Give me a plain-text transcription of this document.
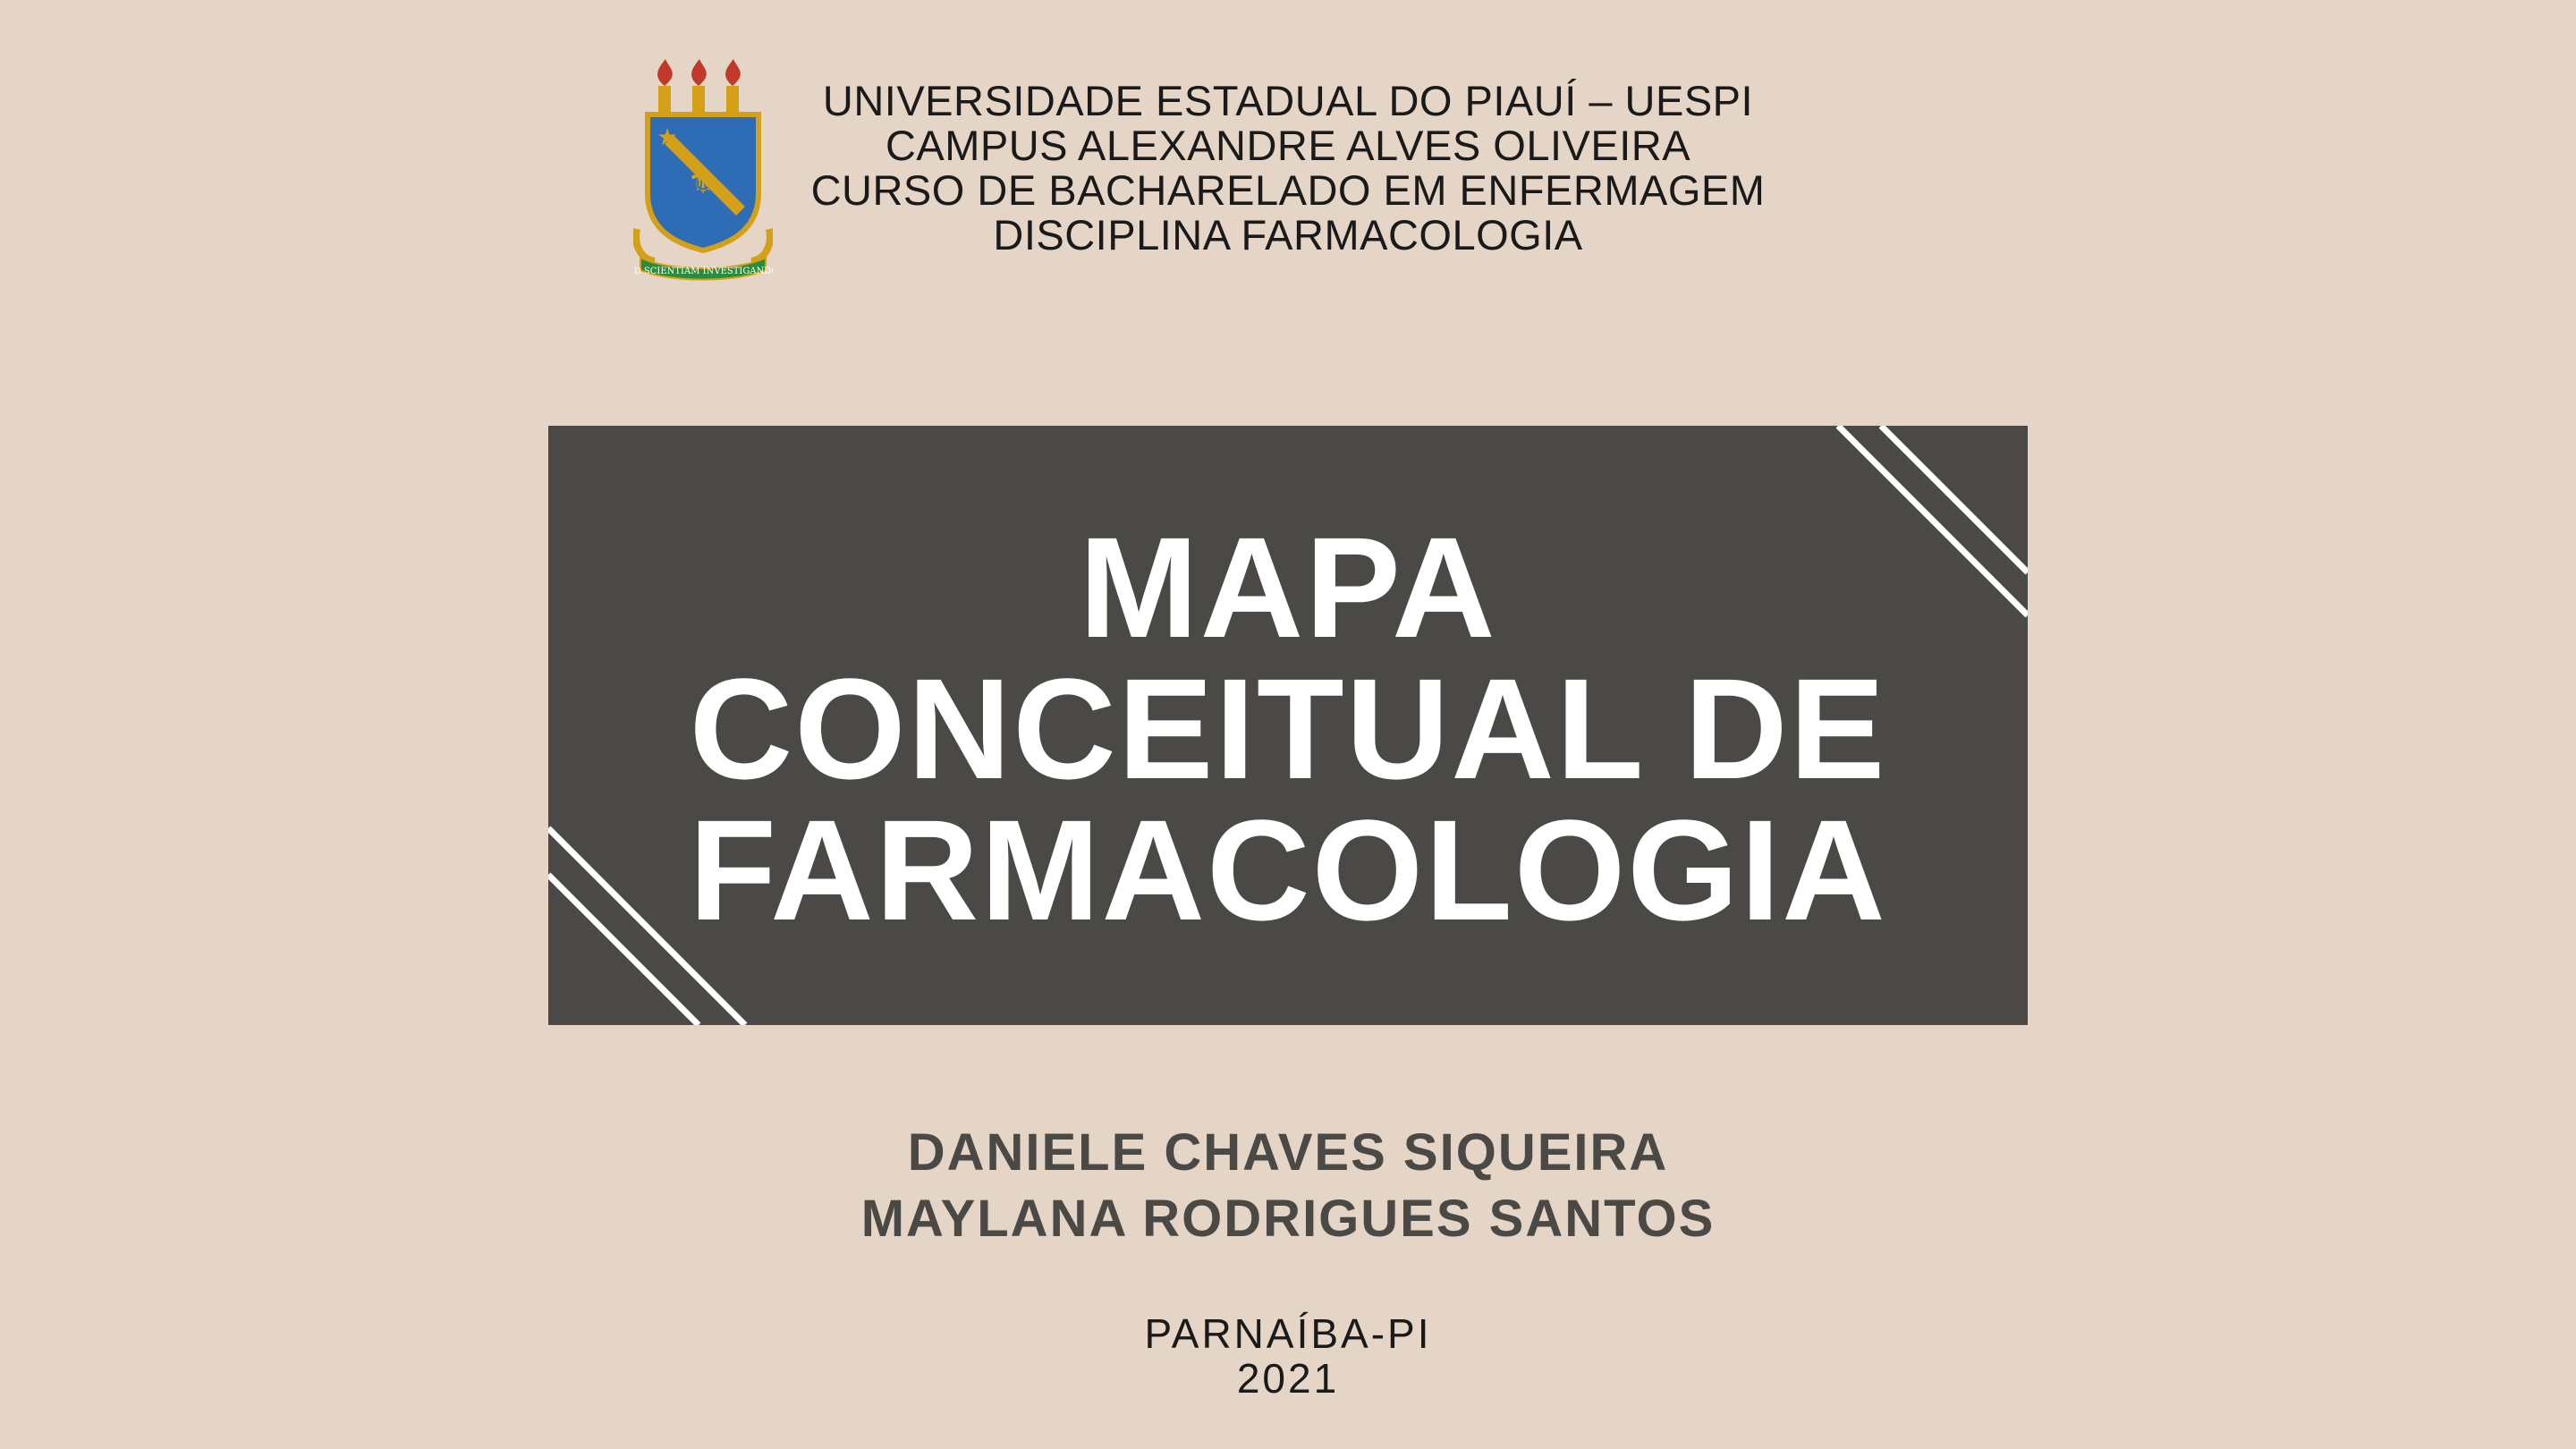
⚜
★
AD SCIENTIAM INVESTIGANDO
UNIVERSIDADE ESTADUAL DO PIAUÍ – UESPI
CAMPUS ALEXANDRE ALVES OLIVEIRA
CURSO DE BACHARELADO EM ENFERMAGEM
DISCIPLINA FARMACOLOGIA
MAPA
CONCEITUAL DE
FARMACOLOGIA
DANIELE CHAVES SIQUEIRA
MAYLANA RODRIGUES SANTOS
PARNAÍBA-PI
2021
